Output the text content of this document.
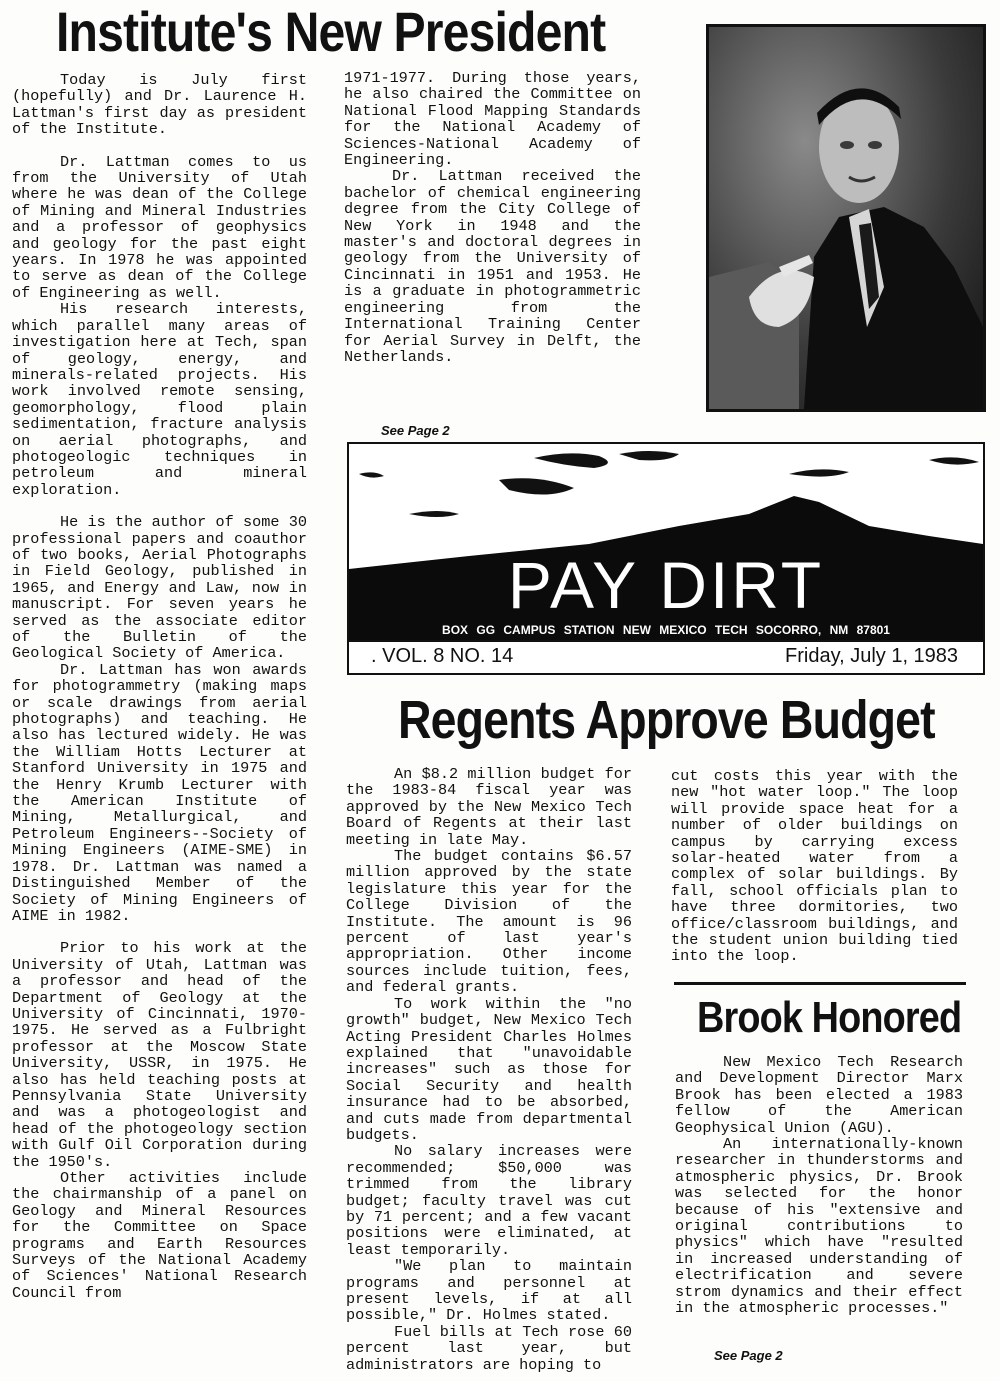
Institute's New President
Regents Approve Budget
Brook Honored

Today is July first (hopefully) and Dr. Laurence H. Lattman's first day as president of the Institute.

Dr. Lattman comes to us from the University of Utah where he was dean of the College of Mining and Mineral Industries and a professor of geophysics and geology for the past eight years. In 1978 he was appointed to serve as dean of the College of Engineering as well.

His research interests, which parallel many areas of investigation here at Tech, span of geology, energy, and minerals-related projects. His work involved remote sensing, geomorphology, flood plain sedimentation, fracture analysis on aerial photographs, and photogeologic techniques in petroleum and mineral exploration.

He is the author of some 30 professional papers and coauthor of two books, Aerial Photographs in Field Geology, published in 1965, and Energy and Law, now in manuscript. For seven years he served as the associate editor of the Bulletin of the Geological Society of America.

Dr. Lattman has won awards for photogrammetry (making maps or scale drawings from aerial photographs) and teaching. He also has lectured widely. He was the William Hotts Lecturer at Stanford University in 1975 and the Henry Krumb Lecturer with the American Institute of Mining, Metallurgical, and Petroleum Engineers--Society of Mining Engineers (AIME-SME) in 1978. Dr. Lattman was named a Distinguished Member of the Society of Mining Engineers of AIME in 1982.

Prior to his work at the University of Utah, Lattman was a professor and head of the Department of Geology at the University of Cincinnati, 1970-1975. He served as a Fulbright professor at the Moscow State University, USSR, in 1975. He also has held teaching posts at Pennsylvania State University and was a photogeologist and head of the photogeology section with Gulf Oil Corporation during the 1950's.

Other activities include the chairmanship of a panel on Geology and Mineral Resources for the Committee on Space programs and Earth Resources Surveys of the National Academy of Sciences' National Research Council from

1971-1977. During those years, he also chaired the Committee on National Flood Mapping Standards for the National Academy of Sciences-National Academy of Engineering.

Dr. Lattman received the bachelor of chemical engineering degree from the City College of New York in 1948 and the master's and doctoral degrees in geology from the University of Cincinnati in 1951 and 1953. He is a graduate in photogrammetric engineering from the International Training Center for Aerial Survey in Delft, the Netherlands.

See Page 2
PAY DIRT
BOX GG CAMPUS STATION NEW MEXICO TECH SOCORRO, NM 87801
. VOL. 8 NO. 14	Friday, July 1, 1983

An $8.2 million budget for the 1983-84 fiscal year was approved by the New Mexico Tech Board of Regents at their last meeting in late May.

The budget contains $6.57 million approved by the state legislature this year for the College Division of the Institute. The amount is 96 percent of last year's appropriation. Other income sources include tuition, fees, and federal grants.

To work within the "no growth" budget, New Mexico Tech Acting President Charles Holmes explained that "unavoidable increases" such as those for Social Security and health insurance had to be absorbed, and cuts made from departmental budgets.

No salary increases were recommended; $50,000 was trimmed from the library budget; faculty travel was cut by 71 percent; and a few vacant positions were eliminated, at least temporarily.

"We plan to maintain programs and personnel at present levels, if at all possible," Dr. Holmes stated.

Fuel bills at Tech rose 60 percent last year, but administrators are hoping to

cut costs this year with the new "hot water loop." The loop will provide space heat for a number of older buildings on campus by carrying excess solar-heated water from a complex of solar buildings. By fall, school officials plan to have three dormitories, two office/classroom buildings, and the student union building tied into the loop.

New Mexico Tech Research and Development Director Marx Brook has been elected a 1983 fellow of the American Geophysical Union (AGU).

An internationally-known researcher in thunderstorms and atmospheric physics, Dr. Brook was selected for the honor because of his "extensive and original contributions to physics" which have "resulted in increased understanding of electrification and severe strom dynamics and their effect in the atmospheric processes."

See Page 2
